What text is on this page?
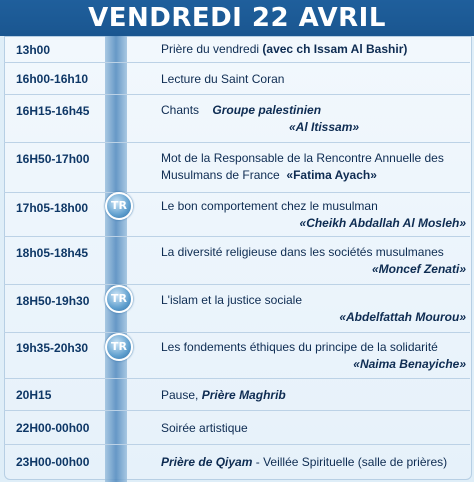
VENDREDI 22 AVRIL
13h00	Prière du vendredi (avec ch Issam Al Bashir)
16h00-16h10	Lecture du Saint Coran
16H15-16h45	Chants Groupe palestinien
«Al Itissam»
16H50-17h00	Mot de la Responsable de la Rencontre Annuelle des
Musulmans de France «Fatima Ayach»
17h05-18h00	Le bon comportement chez le musulman
«Cheikh Abdallah Al Mosleh»
TR
18h05-18h45	La diversité religieuse dans les sociétés musulmanes
«Moncef Zenati»
18H50-19h30	L'islam et la justice sociale
«Abdelfattah Mourou»
TR
19h35-20h30	Les fondements éthiques du principe de la solidarité
«Naima Benayiche»
TR
20H15	Pause, Prière Maghrib
22H00-00h00	Soirée artistique
23H00-00h00	Prière de Qiyam - Veillée Spirituelle (salle de prières)
